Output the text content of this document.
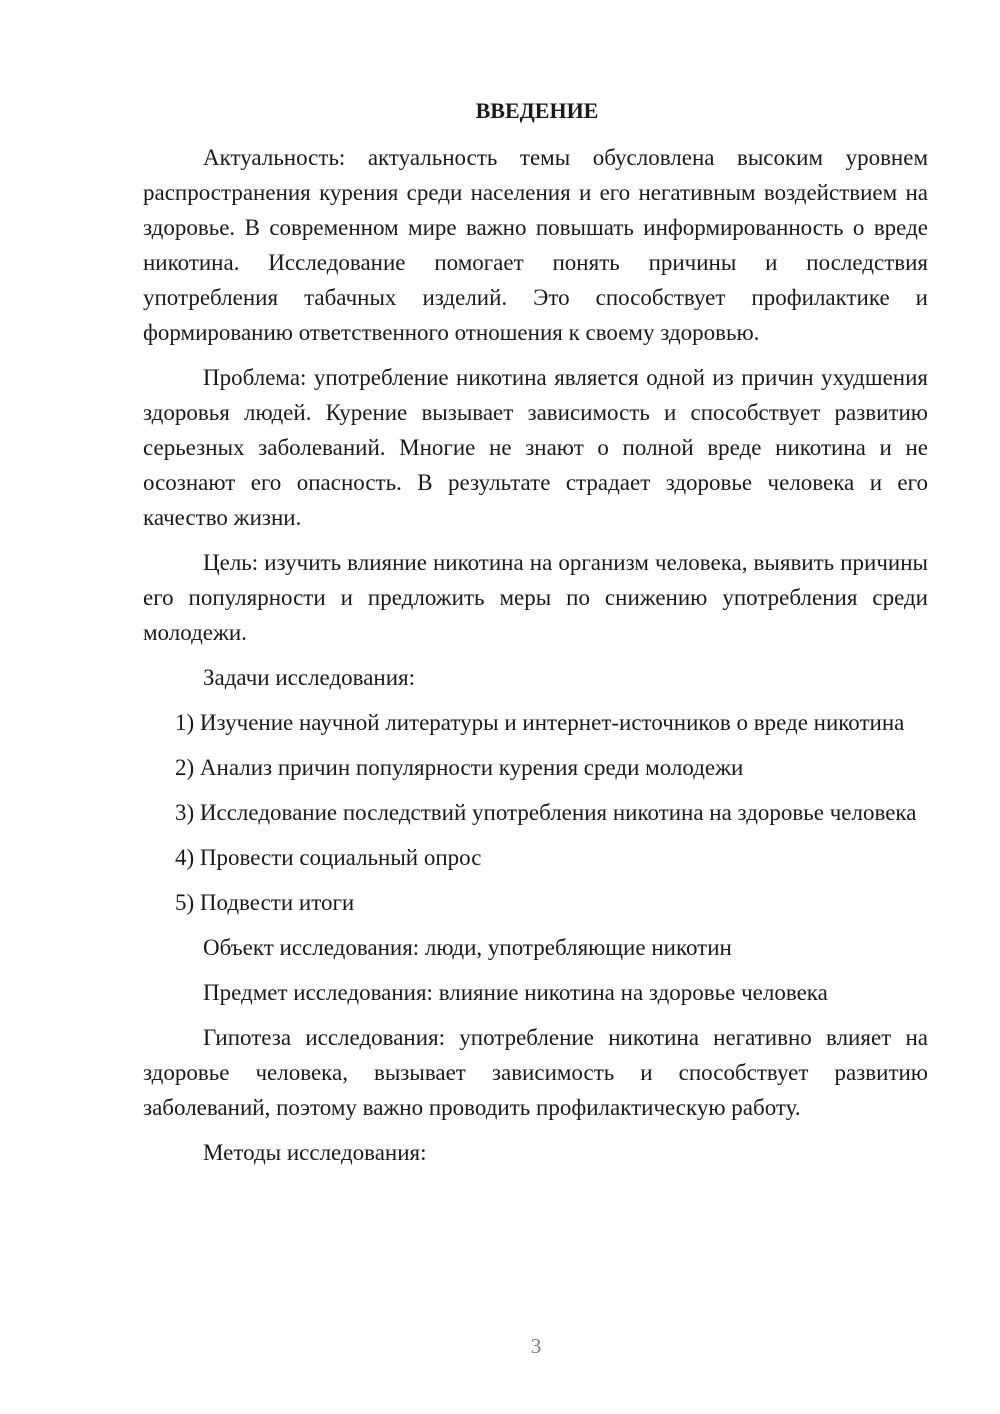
ВВЕДЕНИЕ

Актуальность: актуальность темы обусловлена высоким уровнем распространения курения среди населения и его негативным воздействием на здоровье. В современном мире важно повышать информированность о вреде никотина. Исследование помогает понять причины и последствия употребления табачных изделий. Это способствует профилактике и формированию ответственного отношения к своему здоровью.

Проблема: употребление никотина является одной из причин ухудшения здоровья людей. Курение вызывает зависимость и способствует развитию серьезных заболеваний. Многие не знают о полной вреде никотина и не осознают его опасность. В результате страдает здоровье человека и его качество жизни.

Цель: изучить влияние никотина на организм человека, выявить причины его популярности и предложить меры по снижению употребления среди молодежи.

Задачи исследования:

1) Изучение научной литературы и интернет-источников о вреде никотина

2) Анализ причин популярности курения среди молодежи

3) Исследование последствий употребления никотина на здоровье человека

4) Провести социальный опрос

5) Подвести итоги

Объект исследования: люди, употребляющие никотин

Предмет исследования: влияние никотина на здоровье человека

Гипотеза исследования: употребление никотина негативно влияет на здоровье человека, вызывает зависимость и способствует развитию заболеваний, поэтому важно проводить профилактическую работу.

Методы исследования:

3
